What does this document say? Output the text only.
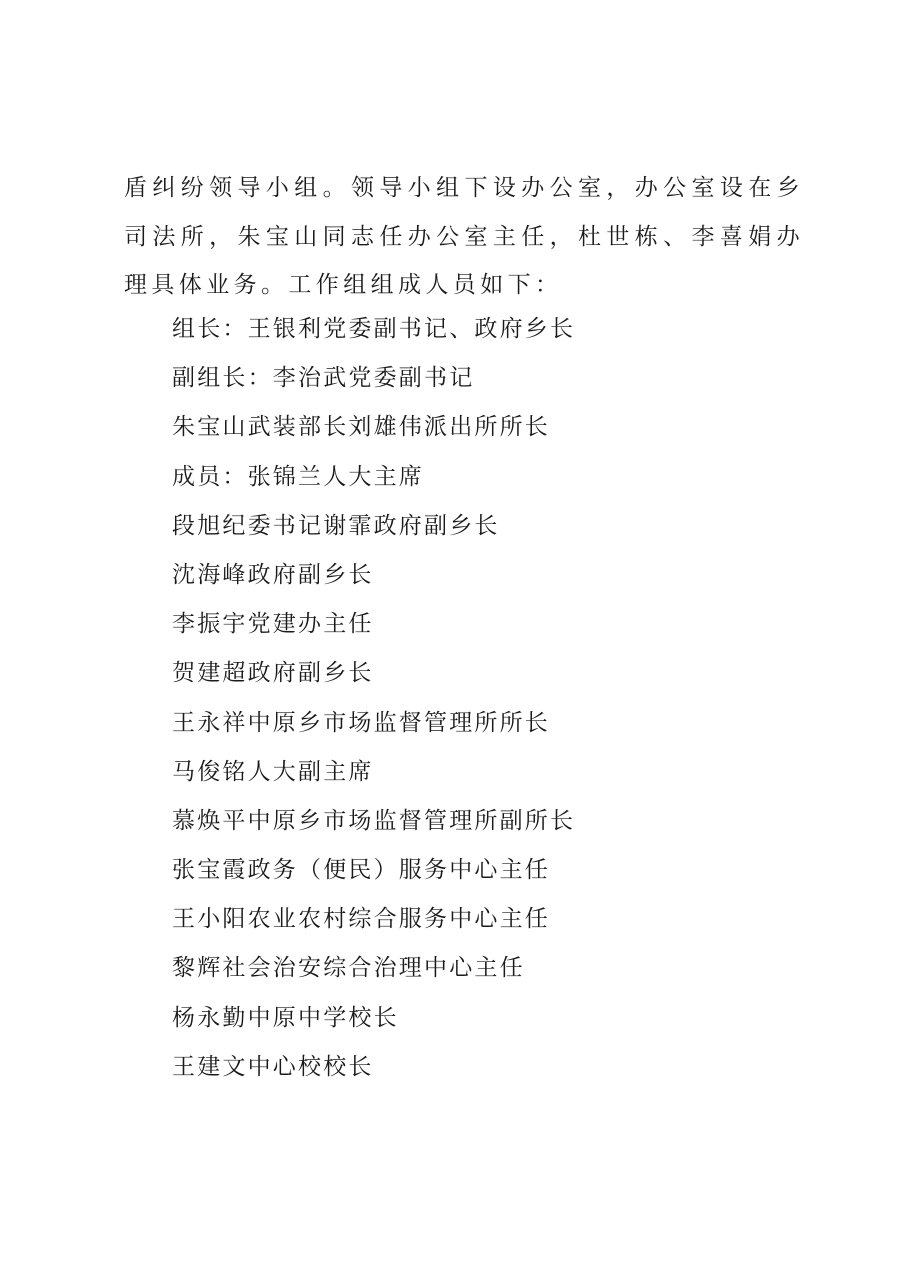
盾纠纷领导小组。领导小组下设办公室，办公室设在乡司法所，朱宝山同志任办公室主任，杜世栋、李喜娟办理具体业务。工作组组成人员如下：

组长：王银利党委副书记、政府乡长
副组长：李治武党委副书记
朱宝山武装部长刘雄伟派出所所长
成员：张锦兰人大主席
段旭纪委书记谢霏政府副乡长
沈海峰政府副乡长
李振宇党建办主任
贺建超政府副乡长
王永祥中原乡市场监督管理所所长
马俊铭人大副主席
慕焕平中原乡市场监督管理所副所长
张宝霞政务（便民）服务中心主任
王小阳农业农村综合服务中心主任
黎辉社会治安综合治理中心主任
杨永勤中原中学校长
王建文中心校校长
